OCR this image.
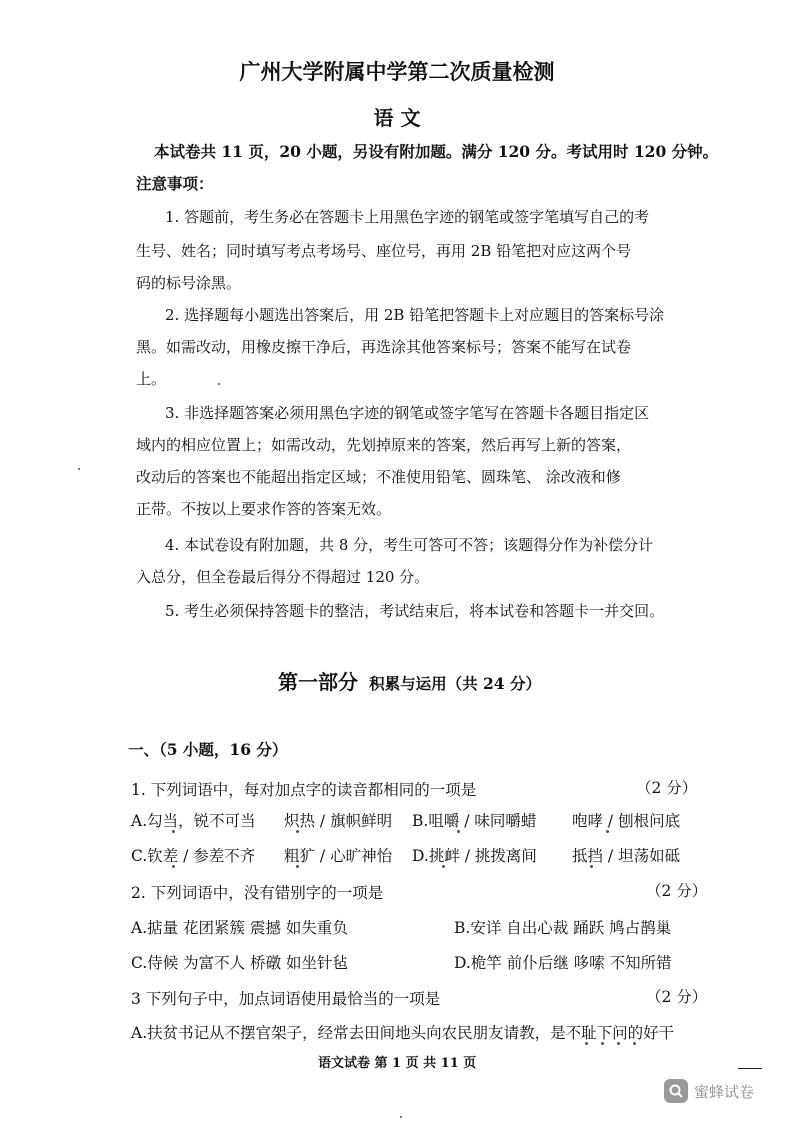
广州大学附属中学第二次质量检测
语 文
本试卷共 11 页，20 小题，另设有附加题。满分 120 分。考试用时 120 分钟。
注意事项：
1. 答题前，考生务必在答题卡上用黑色字迹的钢笔或签字笔填写自己的考
生号、姓名；同时填写考点考场号、座位号，再用 2B 铅笔把对应这两个号
码的标号涂黑。
2. 选择题每小题选出答案后，用 2B 铅笔把答题卡上对应题目的答案标号涂
黑。如需改动，用橡皮擦干净后，再选涂其他答案标号；答案不能写在试卷
上。
3. 非选择题答案必须用黑色字迹的钢笔或签字笔写在答题卡各题目指定区
域内的相应位置上；如需改动，先划掉原来的答案，然后再写上新的答案，
改动后的答案也不能超出指定区域；不准使用铅笔、圆珠笔、 涂改液和修
正带。不按以上要求作答的答案无效。
4. 本试卷设有附加题，共 8 分，考生可答可不答；该题得分作为补偿分计
入总分，但全卷最后得分不得超过 120 分。
5. 考生必须保持答题卡的整洁，考试结束后，将本试卷和答题卡一并交回。
第一部分 积累与运用（共 24 分）
一、（5 小题，16 分）
1. 下列词语中，每对加点字的读音都相同的一项是	（2 分）
A.勾当，锐不可当 炽热 / 旗帜鲜明 B.咀嚼 / 味同嚼蜡 咆哮 / 刨根问底
C.钦差 / 参差不齐 粗犷 / 心旷神怡 D.挑衅 / 挑拨离间 抵挡 / 坦荡如砥
2. 下列词语中，没有错别字的一项是	（2 分）
A.掂量 花团紧簇 震撼 如失重负	B.安详 自出心裁 踊跃 鸠占鹊巢
C.侍候 为富不人 桥礅 如坐针毡	D.桅竿 前仆后继 哆嗦 不知所错
3 下列句子中，加点词语使用最恰当的一项是	（2 分）
A.扶贫书记从不摆官架子，经常去田间地头向农民朋友请教，是不耻下问的好干
语文试卷 第 1 页 共 11 页
蜜蜂试卷
